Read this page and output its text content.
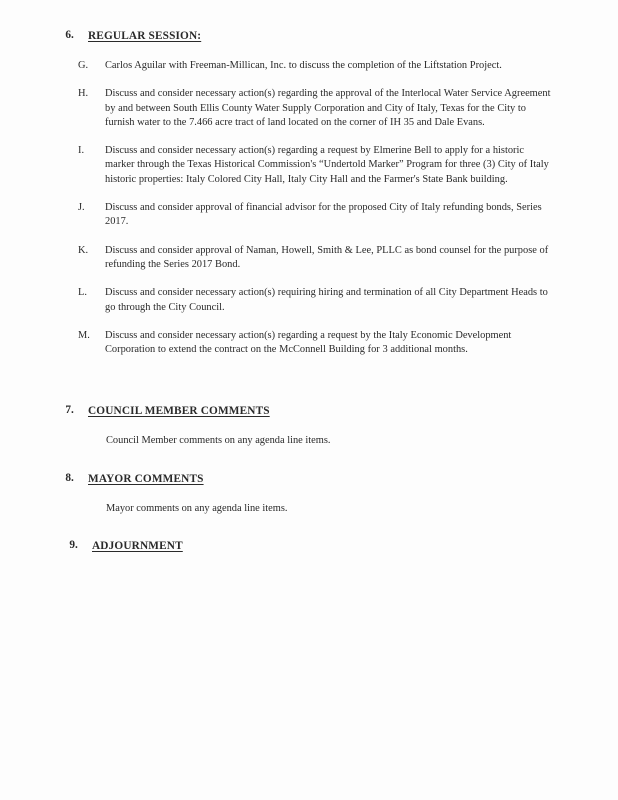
6. REGULAR SESSION:
G.	Carlos Aguilar with Freeman-Millican, Inc. to discuss the completion of the Liftstation Project.
H.	Discuss and consider necessary action(s) regarding the approval of the Interlocal Water Service Agreement by and between South Ellis County Water Supply Corporation and City of Italy, Texas for the City to furnish water to the 7.466 acre tract of land located on the corner of IH 35 and Dale Evans.
I.	Discuss and consider necessary action(s) regarding a request by Elmerine Bell to apply for a historic marker through the Texas Historical Commission's “Undertold Marker” Program for three (3) City of Italy historic properties: Italy Colored City Hall, Italy City Hall and the Farmer's State Bank building.
J.	Discuss and consider approval of financial advisor for the proposed City of Italy refunding bonds, Series 2017.
K.	Discuss and consider approval of Naman, Howell, Smith & Lee, PLLC as bond counsel for the purpose of refunding the Series 2017 Bond.
L.	Discuss and consider necessary action(s) requiring hiring and termination of all City Department Heads to go through the City Council.
M.	Discuss and consider necessary action(s) regarding a request by the Italy Economic Development Corporation to extend the contract on the McConnell Building for 3 additional months.
7. COUNCIL MEMBER COMMENTS

Council Member comments on any agenda line items.

8. MAYOR COMMENTS

Mayor comments on any agenda line items.

9. ADJOURNMENT
